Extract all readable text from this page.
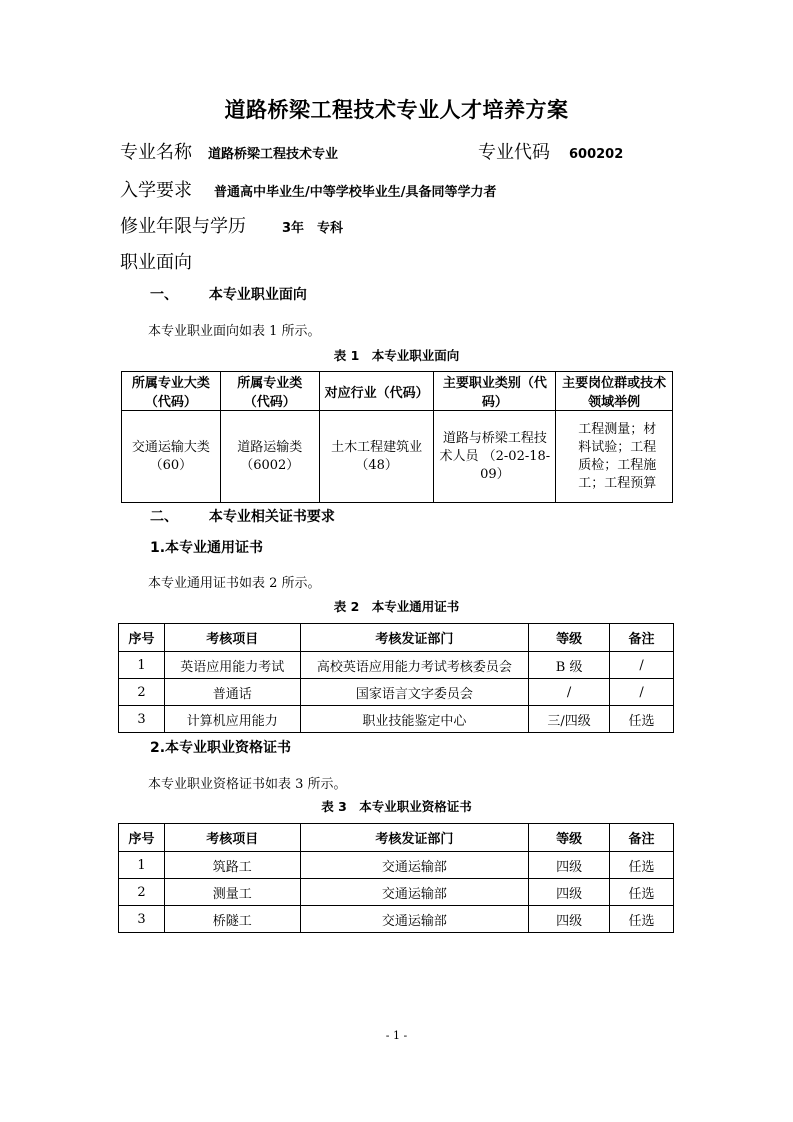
道路桥梁工程技术专业人才培养方案
专业名称 道路桥梁工程技术专业	专业代码 600202
入学要求 普通高中毕业生/中等学校毕业生/具备同等学力者
修业年限与学历	3年　专科
职业面向
一、 本专业职业面向
本专业职业面向如表 1 所示。
表 1　本专业职业面向
所属专业大类 （代码）	所属专业类（代码）	对应行业（代码）	主要职业类别（代码）	主要岗位群或技术领域举例
交通运输大类 （60）	道路运输类（6002）	土木工程建筑业（48）	道路与桥梁工程技术人员 （2-02-18-09）	工程测量；材料试验；工程质检；工程施工；工程预算
二、 本专业相关证书要求
1.本专业通用证书
本专业通用证书如表 2 所示。
表 2　本专业通用证书
序号	考核项目	考核发证部门	等级	备注
1	英语应用能力考试	高校英语应用能力考试考核委员会	B 级	/
2	普通话	国家语言文字委员会	/	/
3	计算机应用能力	职业技能鉴定中心	三/四级	任选
2.本专业职业资格证书
本专业职业资格证书如表 3 所示。
表 3　本专业职业资格证书
序号	考核项目	考核发证部门	等级	备注
1	筑路工	交通运输部	四级	任选
2	测量工	交通运输部	四级	任选
3	桥隧工	交通运输部	四级	任选
- 1 -
